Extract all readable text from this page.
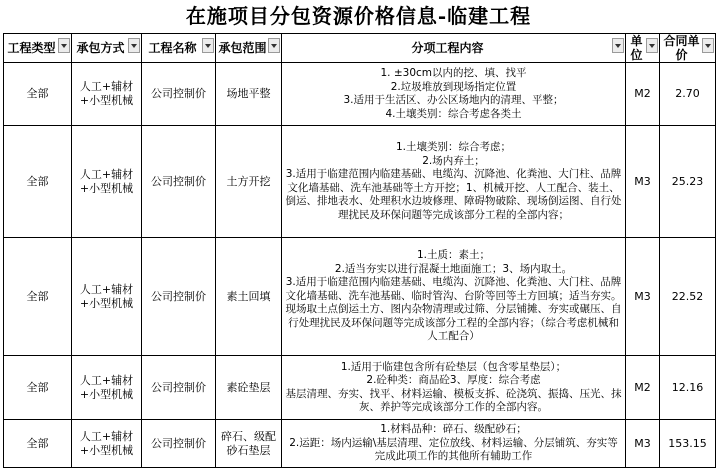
在施项目分包资源价格信息-临建工程
工程类型	承包方式	工程名称	承包范围	分项工程内容	单位	合同单价

全部	人工+辅材+小型机械	公司控制价	场地平整	1. ±30cm以内的挖、填、找平
2.垃圾堆放到现场指定位置
3.适用于生活区、办公区场地内的清理、平整；
4.土壤类别：综合考虑各类土	M2	2.70
全部	人工+辅材+小型机械	公司控制价	土方开挖	1.土壤类别：综合考虑；
2.场内弃土；
3.适用于临建范围内临建基础、电缆沟、沉降池、化粪池、大门柱、品牌文化墙基础、洗车池基础等土方开挖；1、机械开挖、人工配合、装土、倒运、排地表水、处理积水边坡修理、障碍物破除、现场倒运图、自行处理扰民及环保问题等完成该部分工程的全部内容；	M3	25.23
全部	人工+辅材+小型机械	公司控制价	素土回填	1.土质：素土；
2.适当夯实以进行混凝土地面施工；3、场内取土。
3.适用于临建范围内临建基础、电缆沟、沉降池、化粪池、大门柱、品牌文化墙基础、洗车池基础、临时管沟、台阶等回等土方回填；适当夯实。现场取土点倒运土方、图内杂物清理或过筛、分层铺摊、夯实或碾压、自行处理扰民及环保问题等完成该部分工程的全部内容；（综合考虑机械和人工配合）	M3	22.52
全部	人工+辅材+小型机械	公司控制价	素砼垫层	1.适用于临建包含所有砼垫层（包含零星垫层）；
2.砼种类：商品砼3、厚度：综合考虑
基层清理、夯实、找平、材料运输、模板支拆、砼浇筑、振捣、压光、抹灰、养护等完成该部分工作的全部内容。	M2	12.16
全部	人工+辅材+小型机械	公司控制价	碎石、级配砂石垫层	1.材料品种：碎石、级配砂石；
2.运距：场内运输\基层清理、定位放线、材料运输、分层铺筑、夯实等完成此项工作的其他所有辅助工作	M3	153.15
